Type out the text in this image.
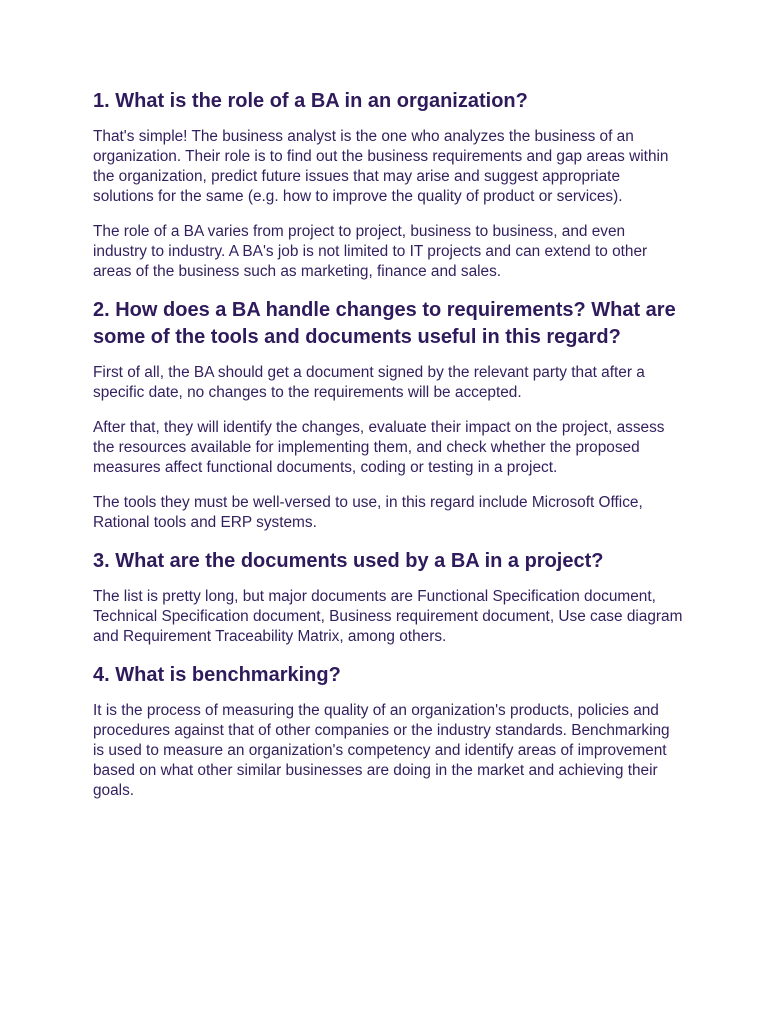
1. What is the role of a BA in an organization?

That's simple! The business analyst is the one who analyzes the business of an organization. Their role is to find out the business requirements and gap areas within the organization, predict future issues that may arise and suggest appropriate solutions for the same (e.g. how to improve the quality of product or services).

The role of a BA varies from project to project, business to business, and even industry to industry. A BA's job is not limited to IT projects and can extend to other areas of the business such as marketing, finance and sales.

2. How does a BA handle changes to requirements? What are some of the tools and documents useful in this regard?

First of all, the BA should get a document signed by the relevant party that after a specific date, no changes to the requirements will be accepted.

After that, they will identify the changes, evaluate their impact on the project, assess the resources available for implementing them, and check whether the proposed measures affect functional documents, coding or testing in a project.

The tools they must be well-versed to use, in this regard include Microsoft Office, Rational tools and ERP systems.

3. What are the documents used by a BA in a project?

The list is pretty long, but major documents are Functional Specification document, Technical Specification document, Business requirement document, Use case diagram and Requirement Traceability Matrix, among others.

4. What is benchmarking?

It is the process of measuring the quality of an organization's products, policies and procedures against that of other companies or the industry standards. Benchmarking is used to measure an organization's competency and identify areas of improvement based on what other similar businesses are doing in the market and achieving their goals.
